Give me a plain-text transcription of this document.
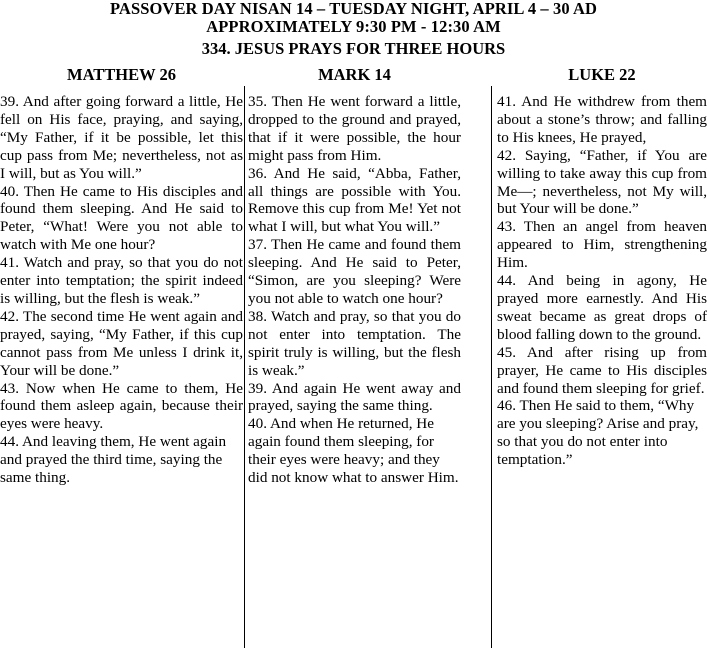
PASSOVER DAY NISAN 14 – TUESDAY NIGHT, APRIL 4 – 30 AD
APPROXIMATELY 9:30 PM - 12:30 AM
334. JESUS PRAYS FOR THREE HOURS
MATTHEW 26

39. And after going forward a little, He fell on His face, praying, and saying, “My Father, if it be possible, let this cup pass from Me; nevertheless, not as I will, but as You will.”

40. Then He came to His disciples and found them sleeping. And He said to Peter, “What! Were you not able to watch with Me one hour?

41. Watch and pray, so that you do not enter into temptation; the spirit indeed is willing, but the flesh is weak.”

42. The second time He went again and prayed, saying, “My Father, if this cup cannot pass from Me unless I drink it, Your will be done.”

43. Now when He came to them, He found them asleep again, because their eyes were heavy.

44. And leaving them, He went again and prayed the third time, saying the same thing.

MARK 14

35. Then He went forward a little, dropped to the ground and prayed, that if it were possible, the hour might pass from Him.

36. And He said, “Abba, Father, all things are possible with You. Remove this cup from Me! Yet not what I will, but what You will.”

37. Then He came and found them sleeping. And He said to Peter, “Simon, are you sleeping? Were you not able to watch one hour?

38. Watch and pray, so that you do not enter into temptation. The spirit truly is willing, but the flesh is weak.”

39. And again He went away and prayed, saying the same thing.

40. And when He returned, He again found them sleeping, for their eyes were heavy; and they did not know what to answer Him.

LUKE 22

41. And He withdrew from them about a stone’s throw; and falling to His knees, He prayed,

42. Saying, “Father, if You are willing to take away this cup from Me—; nevertheless, not My will, but Your will be done.”

43. Then an angel from heaven appeared to Him, strengthening Him.

44. And being in agony, He prayed more earnestly. And His sweat became as great drops of blood falling down to the ground.

45. And after rising up from prayer, He came to His disciples and found them sleeping for grief.

46. Then He said to them, “Why are you sleeping? Arise and pray, so that you do not enter into temptation.”
